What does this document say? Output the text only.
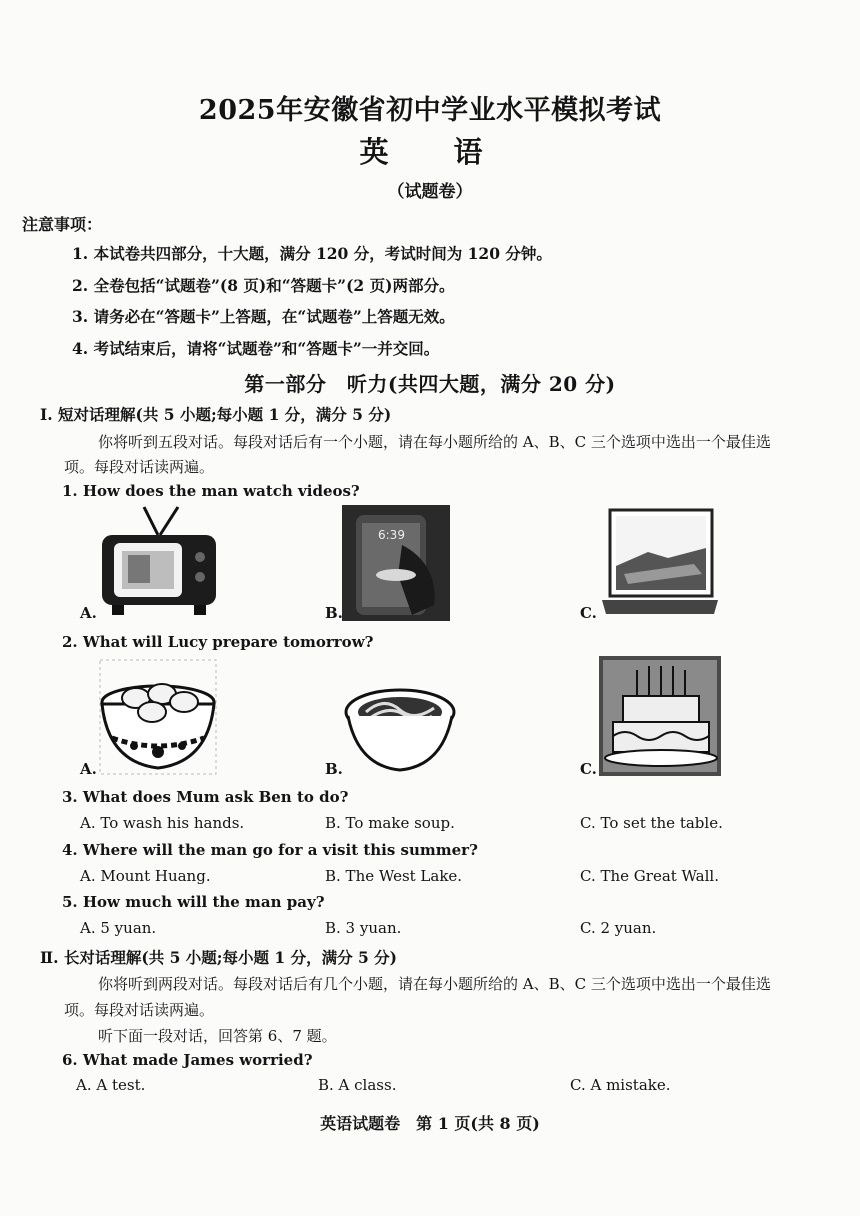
2025年安徽省初中学业水平模拟考试
英　语
（试题卷）
注意事项：
1. 本试卷共四部分，十大题，满分 120 分，考试时间为 120 分钟。
2. 全卷包括“试题卷”(8 页)和“答题卡”(2 页)两部分。
3. 请务必在“答题卡”上答题，在“试题卷”上答题无效。
4. 考试结束后，请将“试题卷”和“答题卡”一并交回。
第一部分　听力(共四大题，满分 20 分)
Ⅰ. 短对话理解(共 5 小题;每小题 1 分，满分 5 分)
你将听到五段对话。每段对话后有一个小题，请在每小题所给的 A、B、C 三个选项中选出一个最佳选
项。每段对话读两遍。
1. How does the man watch videos?
A.
6:39
B.	C.
2. What will Lucy prepare tomorrow?
A.	B.	C.
3. What does Mum ask Ben to do?
A. To wash his hands.	B. To make soup.	C. To set the table.
4. Where will the man go for a visit this summer?
A. Mount Huang.	B. The West Lake.	C. The Great Wall.
5. How much will the man pay?
A. 5 yuan.	B. 3 yuan.	C. 2 yuan.
Ⅱ. 长对话理解(共 5 小题;每小题 1 分，满分 5 分)
你将听到两段对话。每段对话后有几个小题，请在每小题所给的 A、B、C 三个选项中选出一个最佳选
项。每段对话读两遍。
听下面一段对话，回答第 6、7 题。
6. What made James worried?
A. A test.	B. A class.	C. A mistake.
英语试题卷　第 1 页(共 8 页)
